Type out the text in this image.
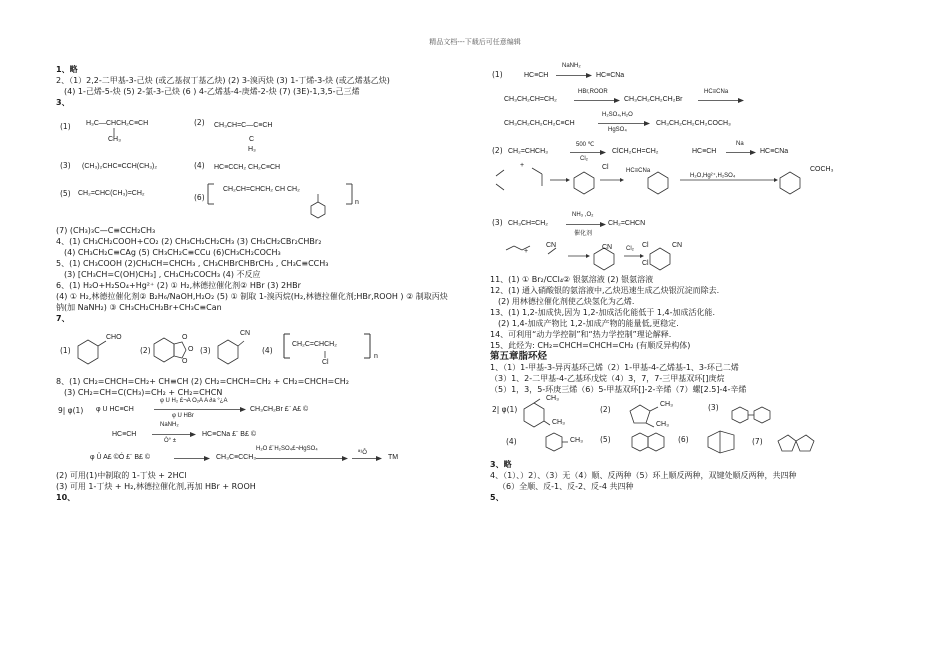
精品文档---下载后可任意编辑
1、略
2、（1）2,2-二甲基-3-己炔 (或乙基叔丁基乙炔) (2) 3-溴丙炔 (3) 1-丁烯-3-炔 (或乙烯基乙炔)
(4) 1-己烯-5-炔 (5) 2-氯-3-己炔 (6 ) 4-乙烯基-4-庚烯-2-炔 (7) (3E)-1,3,5-己三烯
3、
(1) H₃C—CHCH₂C≡CH
CH₃
(2) CH₃CH=C—C≡CH
C
H₃
(3) (CH₃)₂CHC≡CCH(CH₃)₂	(4) HC≡CCH₂ CH₂C≡CH
(5) CH₂=CHC(CH₃)=CH₂	(6)
CH₂CH=CHCH₂ CH CH₂
n
(7) (CH₃)₃C—C≡CCH₂CH₃
4、(1) CH₃CH₂COOH+CO₂ (2) CH₃CH₂CH₂CH₃ (3) CH₃CH₂CBr₂CHBr₂
(4) CH₃CH₂C≡CAg (5) CH₃CH₂C≡CCu (6)CH₃CH₂COCH₃
5、(1) CH₃COOH (2)CH₃CH=CHCH₃ , CH₃CHBrCHBrCH₃ , CH₃C≡CCH₃
(3) [CH₃CH=C(OH)CH₃] , CH₃CH₂COCH₃ (4) 不反应
6、(1) H₂O+H₂SO₄+Hg²⁺ (2) ① H₂,林德拉催化剂② HBr (3) 2HBr
(4) ① H₂,林德拉催化剂② B₂H₆/NaOH,H₂O₂ (5) ① 制取 1-溴丙烷(H₂,林德拉催化剂;HBr,ROOH ) ② 制取丙炔
钠(加 NaNH₂) ③ CH₃CH₂CH₂Br+CH₃C≡Can
7、
(1)
CHO
(2)
O
O
O
(3)
CN
(4)
CH₂C=CHCH₂
Cl
n
8、(1) CH₂=CHCH=CH₂+ CH≡CH (2) CH₂=CHCH=CH₂ + CH₂=CHCH=CH₂
(3) CH₂=CH=C(CH₃)=CH₂ + CH₂=CHCN
9| φ(1) φ U HC≡CH
φ U H₂ £¬A O₂A A ∂a °¿A
φ U HBr
CH₃CH₂Br £¨ A£ ©
HC≡CH
NaNH₂
Ò° ±
HC≡CNa £¨ B£ ©
φ Û A£ ©Ó £¨ B£ © → CH₃C≡CCH₃
H₂O £¨H₂SO₄£¬HgSO₄
ª¹Ô
→ TM
(2) 可用(1)中制取的 1-丁炔 + 2HCl
(3) 可用 1-丁炔 + H₂,林德拉催化剂,再加 HBr + ROOH
10、
(1)	HC≡CH
NaNH₂
→ HC≡CNa
CH₃CH₂CH=CH₂
HBr,ROOR
→ CH₃CH₂CH₂CH₂Br
HC≡CNa
CH₃CH₂CH₂CH₂C≡CH
H₂SO₄,H₂O
HgSO₄
CH₃CH₂CH₂CH₂COCH₃
(2) CH₂=CHCH₃
500 ℃
Cl₂
ClCH₂CH=CH₂	HC≡CH
Na
→ HC≡CNa
+	Cl	HC≡CNa
H₂O,Hg²⁺,H₂SO₄
COCH₃
(3) CH₃CH=CH₂
NH₃ ,O₂
催化剂
CH₂=CHCN
+
CN	CN Cl₂ Cl
Cl
CN
11、(1) ① Br₂/CCl₄② 银氨溶液 (2) 银氨溶液
12、(1) 通入硝酸银的氨溶液中,乙炔迅速生成乙炔银沉淀而除去.
(2) 用林德拉催化剂使乙炔氢化为乙烯.
13、(1) 1,2-加成快,因为 1,2-加成活化能低于 1,4-加成活化能.
(2) 1,4-加成产物比 1,2-加成产物的能量低,更稳定.
14、可利用“动力学控制”和“热力学控制”理论解释.
15、此烃为: CH₂=CHCH=CHCH=CH₂ (有顺反异构体)
第五章脂环烃
1、（1）1-甲基-3-异丙基环己烯（2）1-甲基-4-乙烯基-1、3-环己二烯
（3）1、2-二甲基-4-乙基环戊烷（4）3，7，7-三甲基双环[]庚烷
（5）1，3，5-环庚三烯（6）5-甲基双环[]-2-辛烯（7）螺[2.5]-4-辛烯
2| φ(1)
CH₃
CH₃
(2)
CH₃
CH₃
(3)
(4)	CH₃ (5)	(6)	(7)
3、略
4、（1）、）2）、（3）无（4）顺、反两种（5）环上顺反两种，双键处顺反两种，共四种
（6）全顺、反-1、反-2、反-4 共四种
5、
